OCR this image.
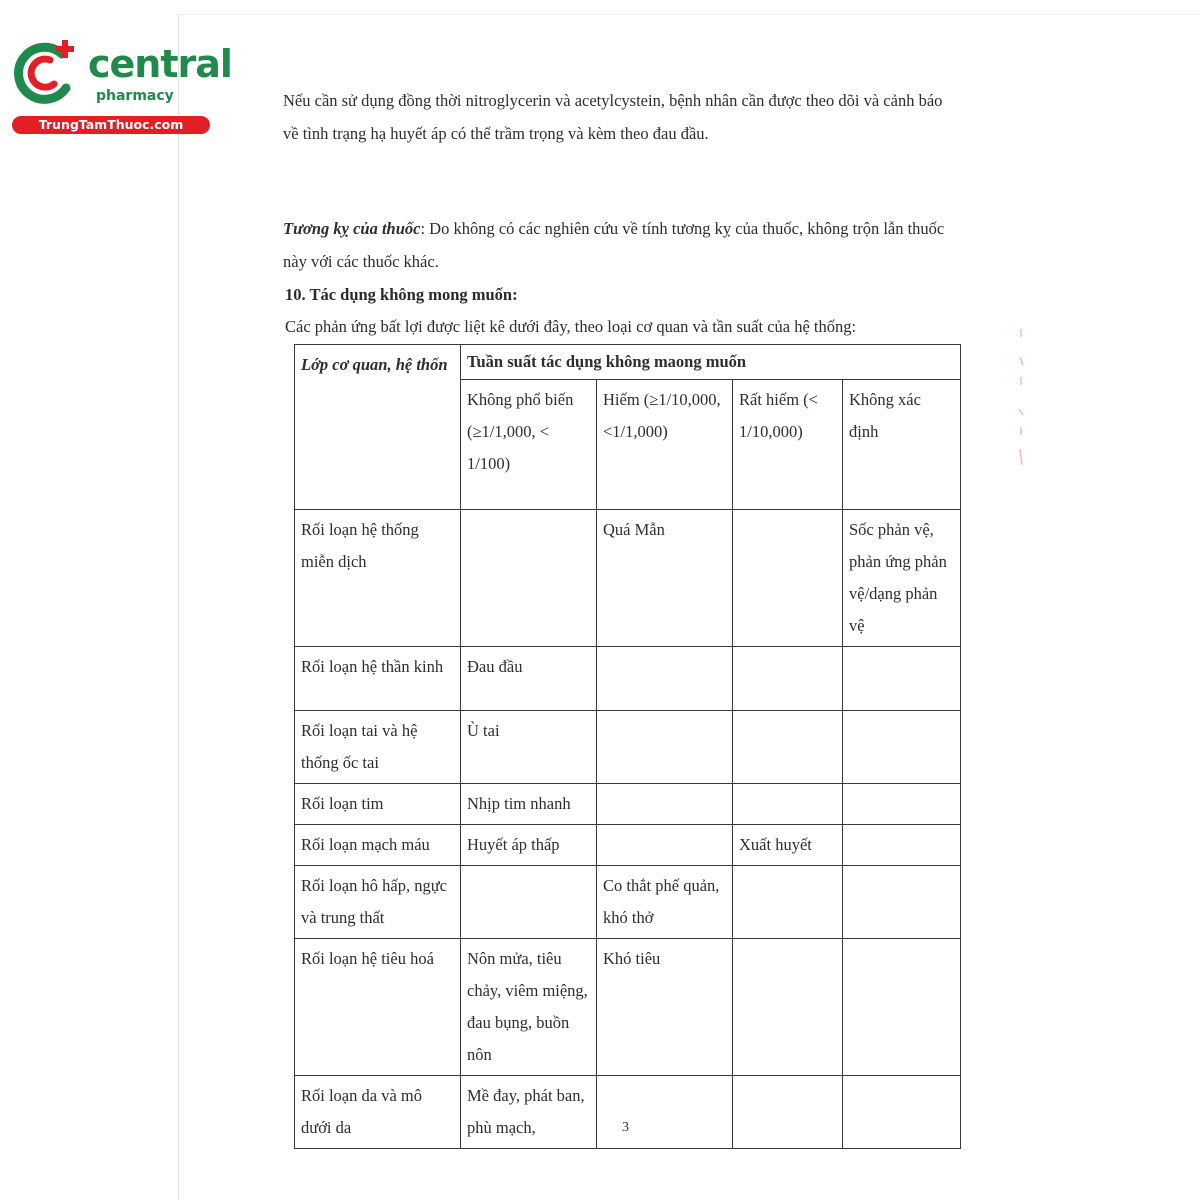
central
pharmacy
TrungTamThuoc.com
Nếu cần sử dụng đồng thời nitroglycerin và acetylcystein, bệnh nhân cần được theo dõi và cảnh báo về tình trạng hạ huyết áp có thể trầm trọng và kèm theo đau đầu.
Tương kỵ của thuốc: Do không có các nghiên cứu về tính tương kỵ của thuốc, không trộn lẫn thuốc này với các thuốc khác.
10. Tác dụng không mong muốn:
Các phản ứng bất lợi được liệt kê dưới đây, theo loại cơ quan và tần suất của hệ thống:
Lớp cơ quan, hệ thốn	Tuần suất tác dụng không maong muốn			
	Không phổ biến (≥1/1,000, < 1/100)	Hiếm (≥1/10,000, <1/1,000)	Rất hiếm (< 1/10,000)	Không xác định
Rối loạn hệ thống miễn dịch		Quá Mẫn		Sốc phản vệ, phản ứng phản vệ/dạng phản vệ
Rối loạn hệ thần kinh	Đau đầu			
Rối loạn tai và hệ thống ốc tai	Ù tai			
Rối loạn tim	Nhịp tim nhanh			
Rối loạn mạch máu	Huyết áp thấp		Xuất huyết	
Rối loạn hô hấp, ngực và trung thất		Co thắt phế quản, khó thở		
Rối loạn hệ tiêu hoá	Nôn mửa, tiêu chảy, viêm miệng, đau bụng, buồn nôn	Khó tiêu		
Rối loạn da và mô dưới da	Mề đay, phát ban, phù mạch,				3
